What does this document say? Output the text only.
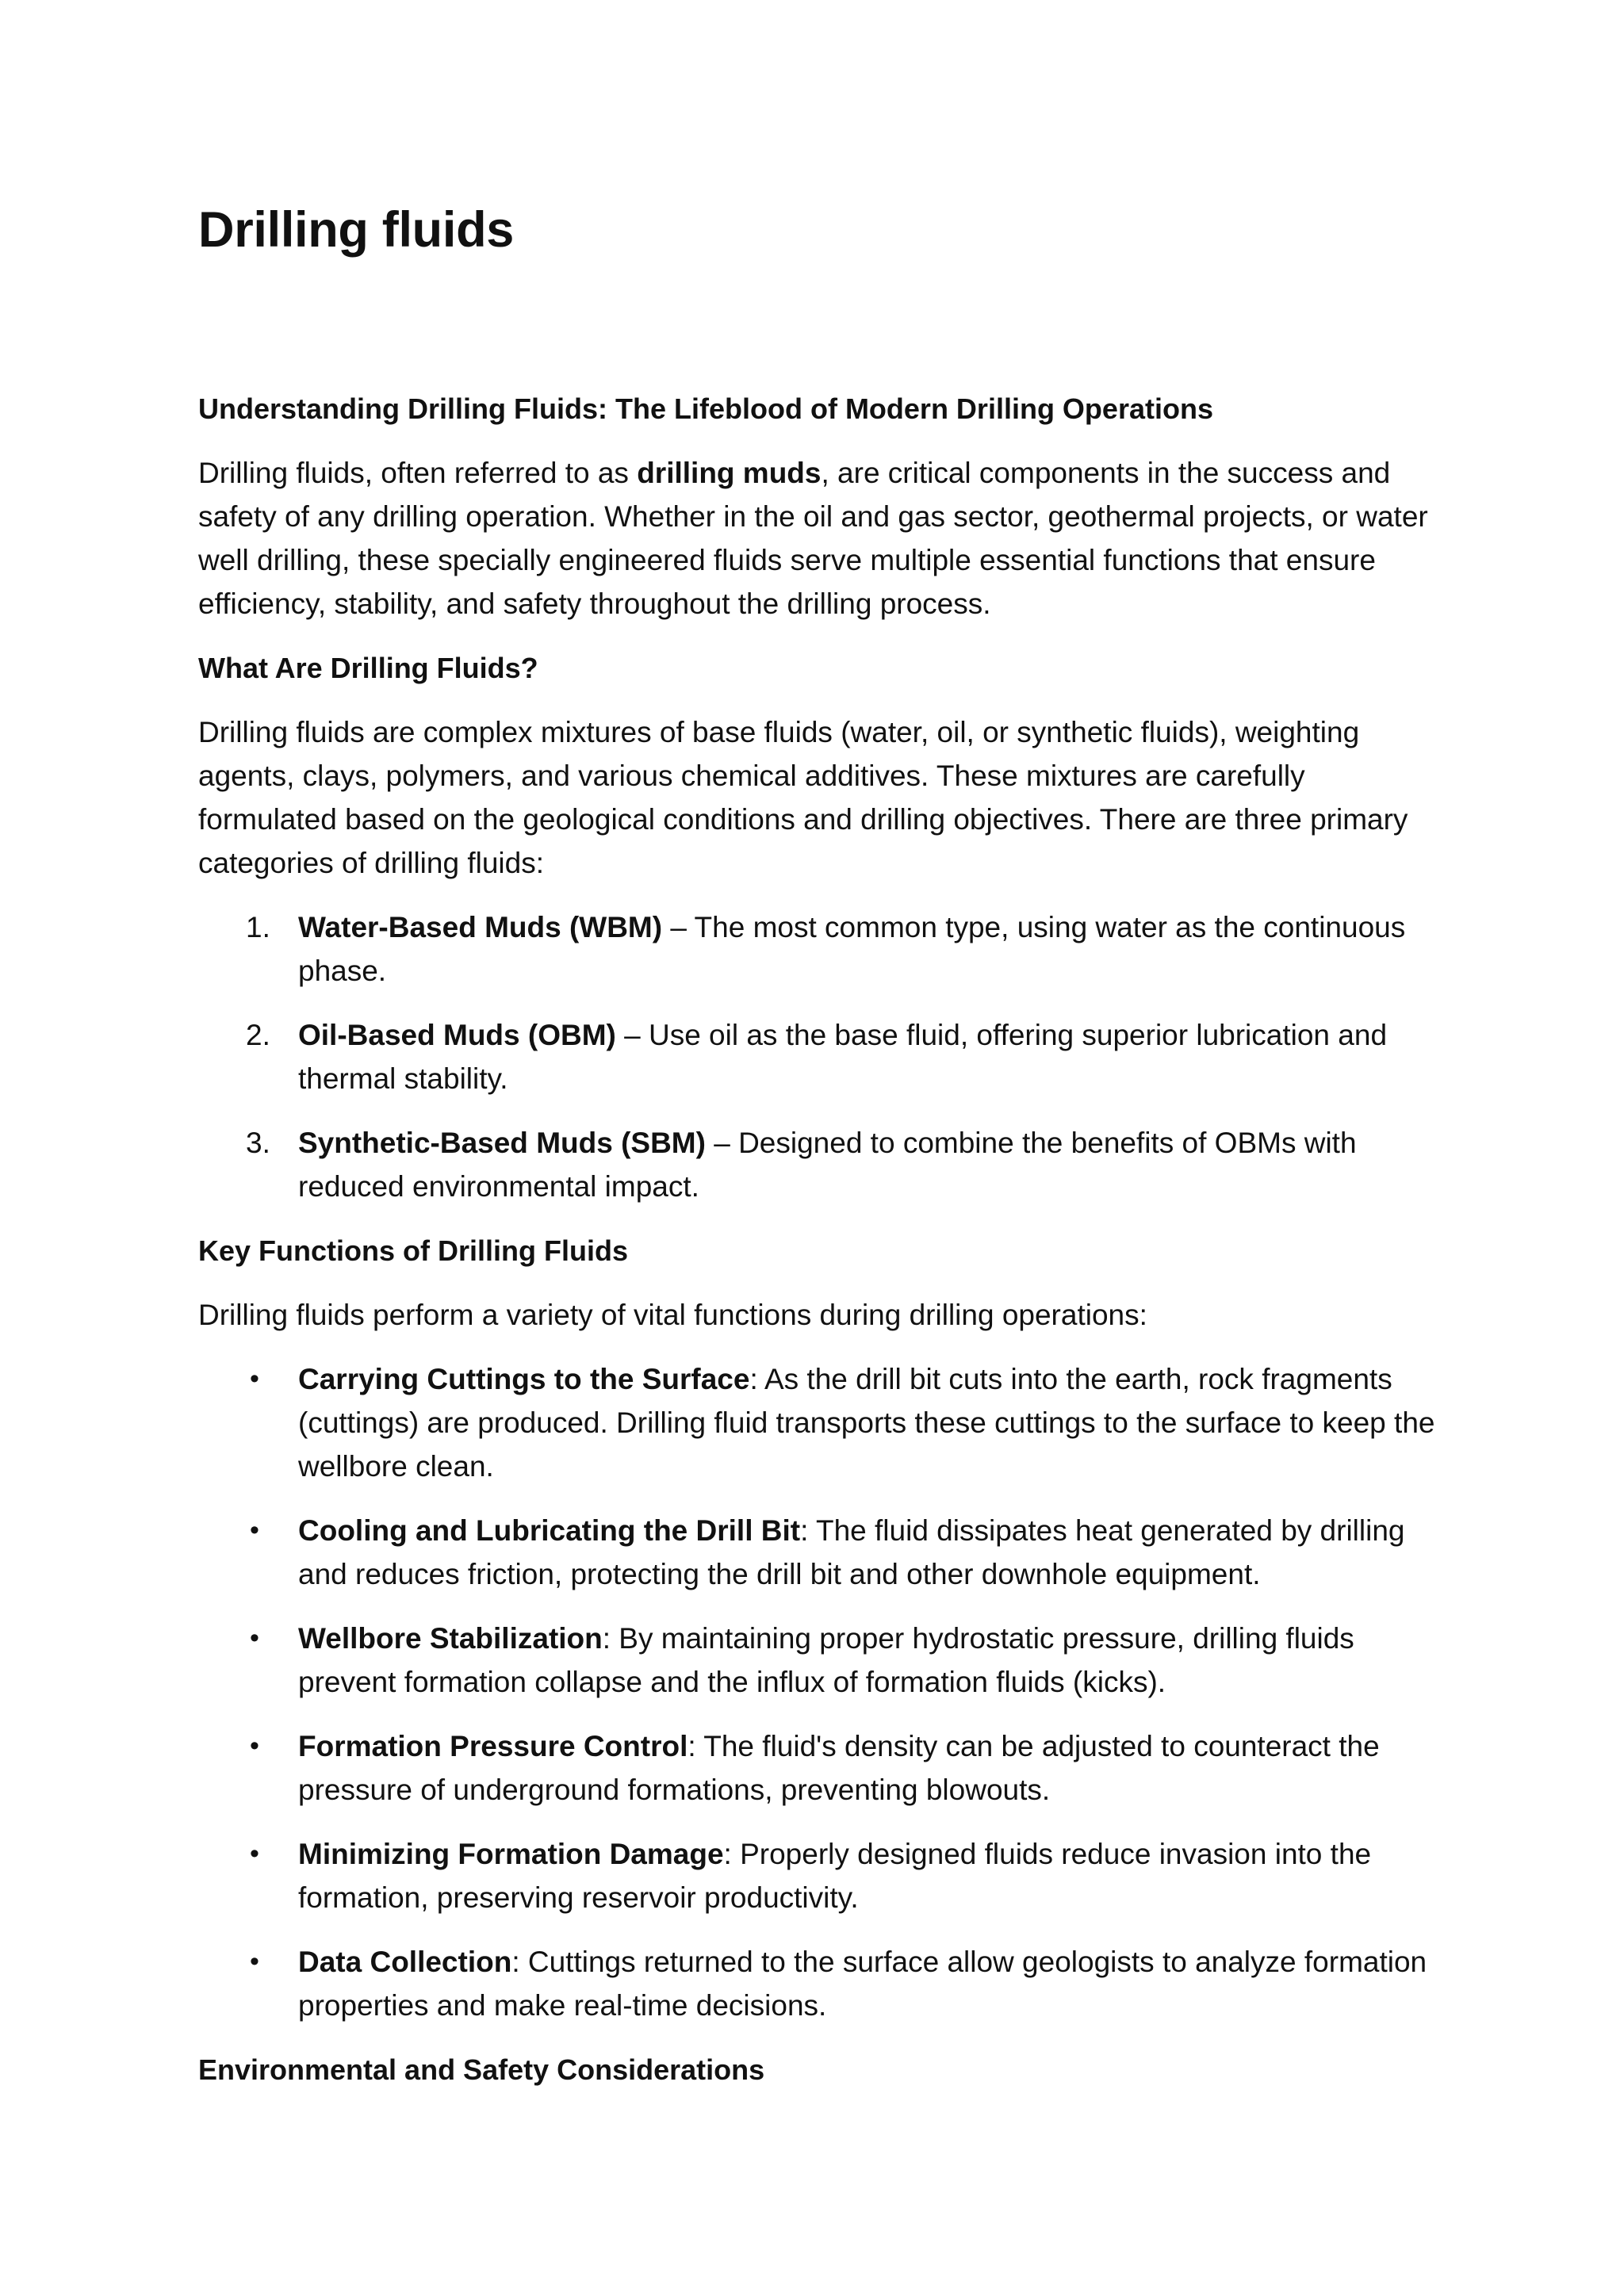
Drilling fluids
Understanding Drilling Fluids: The Lifeblood of Modern Drilling Operations

Drilling fluids, often referred to as drilling muds, are critical components in the success and safety of any drilling operation. Whether in the oil and gas sector, geothermal projects, or water well drilling, these specially engineered fluids serve multiple essential functions that ensure efficiency, stability, and safety throughout the drilling process.

What Are Drilling Fluids?

Drilling fluids are complex mixtures of base fluids (water, oil, or synthetic fluids), weighting agents, clays, polymers, and various chemical additives. These mixtures are carefully formulated based on the geological conditions and drilling objectives. There are three primary categories of drilling fluids:

1. Water-Based Muds (WBM) – The most common type, using water as the continuous phase.
2. Oil-Based Muds (OBM) – Use oil as the base fluid, offering superior lubrication and thermal stability.
3. Synthetic-Based Muds (SBM) – Designed to combine the benefits of OBMs with reduced environmental impact.
Key Functions of Drilling Fluids

Drilling fluids perform a variety of vital functions during drilling operations:

• Carrying Cuttings to the Surface: As the drill bit cuts into the earth, rock fragments (cuttings) are produced. Drilling fluid transports these cuttings to the surface to keep the wellbore clean.
• Cooling and Lubricating the Drill Bit: The fluid dissipates heat generated by drilling and reduces friction, protecting the drill bit and other downhole equipment.
• Wellbore Stabilization: By maintaining proper hydrostatic pressure, drilling fluids prevent formation collapse and the influx of formation fluids (kicks).
• Formation Pressure Control: The fluid's density can be adjusted to counteract the pressure of underground formations, preventing blowouts.
• Minimizing Formation Damage: Properly designed fluids reduce invasion into the formation, preserving reservoir productivity.
• Data Collection: Cuttings returned to the surface allow geologists to analyze formation properties and make real-time decisions.
Environmental and Safety Considerations
